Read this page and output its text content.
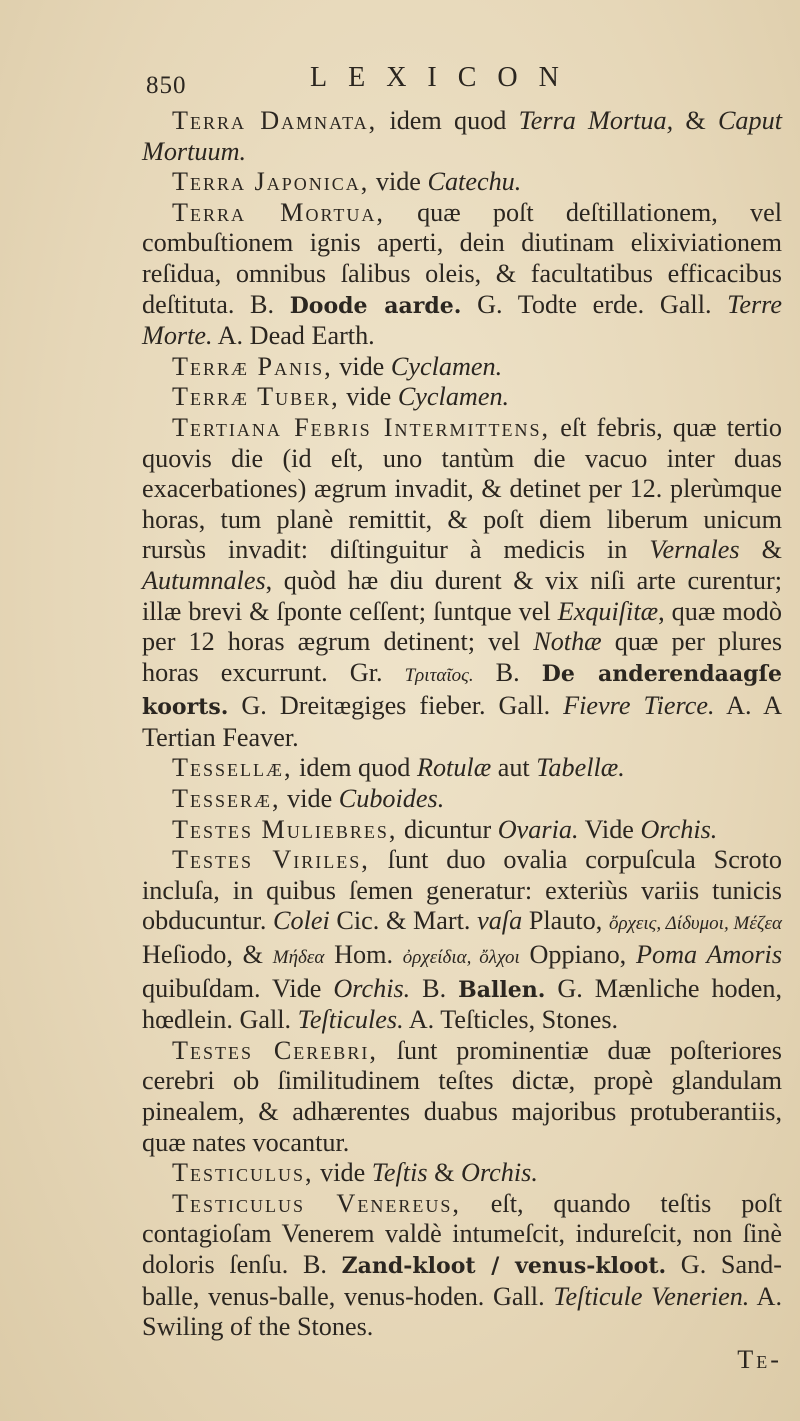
850	LEXICON

Terra Damnata, idem quod Terra Mortua, & Caput Mortuum.

Terra Japonica, vide Catechu.

Terra Mortua, quæ poſt deſtillationem, vel combuſtionem ignis aperti, dein diutinam elixiviationem reſidua, omnibus ſalibus oleis, & facultatibus efficacibus deſtituta. B. Doode aarde. G. Todte erde. Gall. Terre Morte. A. Dead Earth.

Terræ Panis, vide Cyclamen.

Terræ Tuber, vide Cyclamen.

Tertiana Febris Intermittens, eſt febris, quæ tertio quovis die (id eſt, uno tantùm die vacuo inter duas exacerbationes) ægrum invadit, & detinet per 12. plerùmque horas, tum planè remittit, & poſt diem liberum unicum rursùs invadit: diſtinguitur à medicis in Vernales & Autumnales, quòd hæ diu durent & vix niſi arte curentur; illæ brevi & ſponte ceſſent; ſuntque vel Exquiſitæ, quæ modò per 12 horas ægrum detinent; vel Nothæ quæ per plures horas excurrunt. Gr. Τριταῖος. B. De anderendaagſe koorts. G. Dreitægiges fieber. Gall. Fievre Tierce. A. A Tertian Feaver.

Tessellæ, idem quod Rotulæ aut Tabellæ.

Tesseræ, vide Cuboides.

Testes Muliebres, dicuntur Ovaria. Vide Orchis.

Testes Viriles, ſunt duo ovalia corpuſcula Scroto incluſa, in quibus ſemen generatur: exteriùs variis tunicis obducuntur. Colei Cic. & Mart. vaſa Plauto, ὄρχεις, Δίδυμοι, Μέζεα Heſiodo, & Μήδεα Hom. ὀρχείδια, ὄλχοι Oppiano, Poma Amoris quibuſdam. Vide Orchis. B. Ballen. G. Mænliche hoden, hœdlein. Gall. Teſticules. A. Teſticles, Stones.

Testes Cerebri, ſunt prominentiæ duæ poſteriores cerebri ob ſimilitudinem teſtes dictæ, propè glandulam pinealem, & adhærentes duabus majoribus protuberantiis, quæ nates vocantur.

Testiculus, vide Teſtis & Orchis.

Testiculus Venereus, eſt, quando teſtis poſt contagioſam Venerem valdè intumeſcit, indureſcit, non ſinè doloris ſenſu. B. Zand-kloot / venus-kloot. G. Sand-balle, venus-balle, venus-hoden. Gall. Teſticule Venerien. A. Swiling of the Stones.

Te-
